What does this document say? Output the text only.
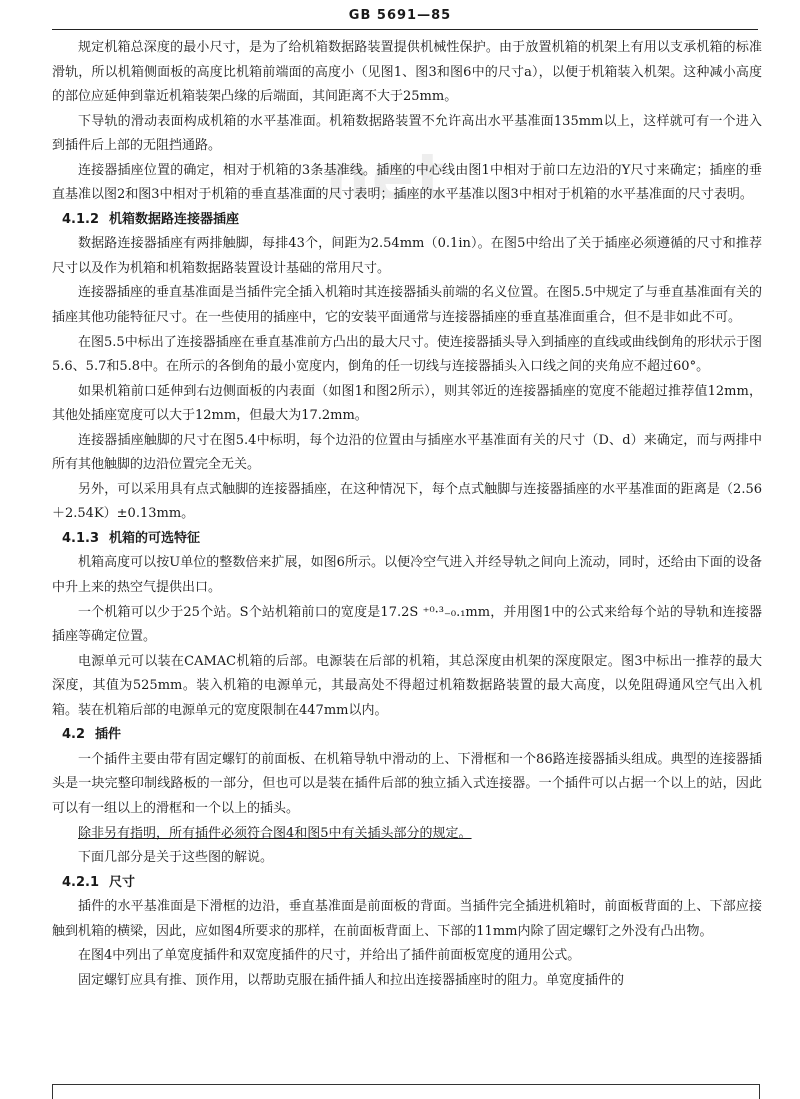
GB 5691—85
.net

规定机箱总深度的最小尺寸，是为了给机箱数据路装置提供机械性保护。由于放置机箱的机架上有用以支承机箱的标准滑轨，所以机箱侧面板的高度比机箱前端面的高度小（见图1、图3和图6中的尺寸a），以便于机箱装入机架。这种减小高度的部位应延伸到靠近机箱装架凸缘的后端面，其间距离不大于25mm。

下导轨的滑动表面构成机箱的水平基准面。机箱数据路装置不允许高出水平基准面135mm以上，这样就可有一个进入到插件后上部的无阻挡通路。

连接器插座位置的确定，相对于机箱的3条基准线。插座的中心线由图1中相对于前口左边沿的Y尺寸来确定；插座的垂直基准以图2和图3中相对于机箱的垂直基准面的尺寸表明；插座的水平基准以图3中相对于机箱的水平基准面的尺寸表明。

4.1.2 机箱数据路连接器插座

数据路连接器插座有两排触脚，每排43个，间距为2.54mm（0.1in）。在图5中给出了关于插座必须遵循的尺寸和推荐尺寸以及作为机箱和机箱数据路装置设计基础的常用尺寸。

连接器插座的垂直基准面是当插件完全插入机箱时其连接器插头前端的名义位置。在图5.5中规定了与垂直基准面有关的插座其他功能特征尺寸。在一些使用的插座中，它的安装平面通常与连接器插座的垂直基准面重合，但不是非如此不可。

在图5.5中标出了连接器插座在垂直基准前方凸出的最大尺寸。使连接器插头导入到插座的直线或曲线倒角的形状示于图5.6、5.7和5.8中。在所示的各倒角的最小宽度内，倒角的任一切线与连接器插头入口线之间的夹角应不超过60°。

如果机箱前口延伸到右边侧面板的内表面（如图1和图2所示），则其邻近的连接器插座的宽度不能超过推荐值12mm，其他处插座宽度可以大于12mm，但最大为17.2mm。

连接器插座触脚的尺寸在图5.4中标明，每个边沿的位置由与插座水平基准面有关的尺寸（D、d）来确定，而与两排中所有其他触脚的边沿位置完全无关。

另外，可以采用具有点式触脚的连接器插座，在这种情况下，每个点式触脚与连接器插座的水平基准面的距离是（2.56＋2.54K）±0.13mm。

4.1.3 机箱的可选特征

机箱高度可以按U单位的整数倍来扩展，如图6所示。以便冷空气进入并经导轨之间向上流动，同时，还给由下面的设备中升上来的热空气提供出口。

一个机箱可以少于25个站。S个站机箱前口的宽度是17.2S ⁺⁰·³₋₀.₁mm，并用图1中的公式来给每个站的导轨和连接器插座等确定位置。

电源单元可以装在CAMAC机箱的后部。电源装在后部的机箱，其总深度由机架的深度限定。图3中标出一推荐的最大深度，其值为525mm。装入机箱的电源单元，其最高处不得超过机箱数据路装置的最大高度，以免阻碍通风空气出入机箱。装在机箱后部的电源单元的宽度限制在447mm以内。

4.2 插件

一个插件主要由带有固定螺钉的前面板、在机箱导轨中滑动的上、下滑框和一个86路连接器插头组成。典型的连接器插头是一块完整印制线路板的一部分，但也可以是装在插件后部的独立插入式连接器。一个插件可以占据一个以上的站，因此可以有一组以上的滑框和一个以上的插头。

除非另有指明，所有插件必须符合图4和图5中有关插头部分的规定。

下面几部分是关于这些图的解说。

4.2.1 尺寸

插件的水平基准面是下滑框的边沿，垂直基准面是前面板的背面。当插件完全插进机箱时，前面板背面的上、下部应接触到机箱的横梁，因此，应如图4所要求的那样，在前面板背面上、下部的11mm内除了固定螺钉之外没有凸出物。

在图4中列出了单宽度插件和双宽度插件的尺寸，并给出了插件前面板宽度的通用公式。

固定螺钉应具有推、顶作用，以帮助克服在插件插人和拉出连接器插座时的阻力。单宽度插件的
